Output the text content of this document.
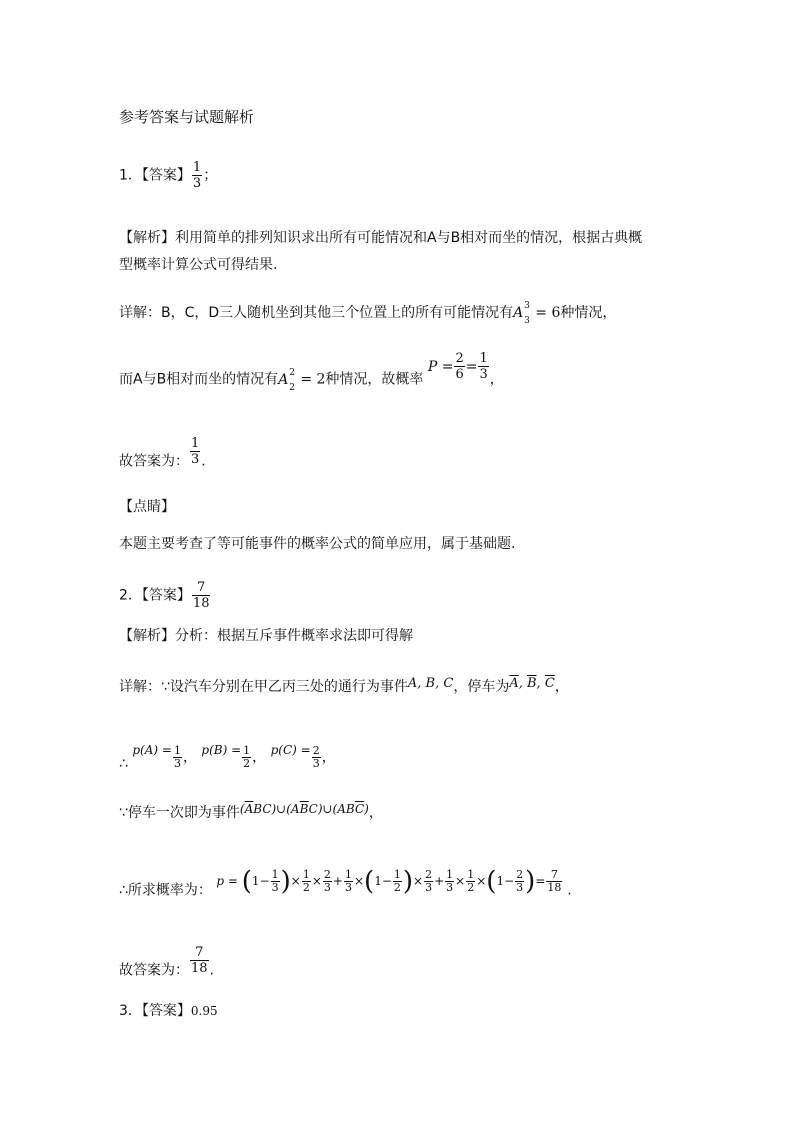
参考答案与试题解析
1．【答案】 $\frac{1}{3}$ ；
【解析】利用简单的排列知识求出所有可能情况和A与B相对而坐的情况，根据古典概
型概率计算公式可得结果.
详解：B，C，D三人随机坐到其他三个位置上的所有可能情况有A 3
3 = 6种情况，
而A与B相对而坐的情况有A 2
2 = 2种情况，故概率 $P = \frac{2}{6} = \frac{1}{3}$ ，
故答案为： $\frac{1}{3}$ .
【点睛】
本题主要考查了等可能事件的概率公式的简单应用，属于基础题.
2．【答案】 $\frac{7}{18}$
【解析】分析：根据互斥事件概率求法即可得解
详解：∵设汽车分别在甲乙丙三处的通行为事件A, B, C，停车为$\overline{A}$, $\overline{B}$, $\overline{C}$，
∴ $p(A) = \frac{1}{3}$ ， $p(B) = \frac{1}{2}$ ， $p(C) = \frac{2}{3}$ ，
∵停车一次即为事件$(\overline{A}BC)\cup(A\overline{B}C)\cup(AB\overline{C})$，
∴所求概率为： $p = (1- \frac{1}{3}$ )× $\frac{1}{2} \times \frac{2}{3} + \frac{1}{3} \times(1- \frac{1}{2}$ )× $\frac{2}{3} + \frac{1}{3} \times \frac{1}{2} \times(1- \frac{2}{3}$ )= $\frac{7}{18}$ .
故答案为： $\frac{7}{18}$ .
3．【答案】0.95
